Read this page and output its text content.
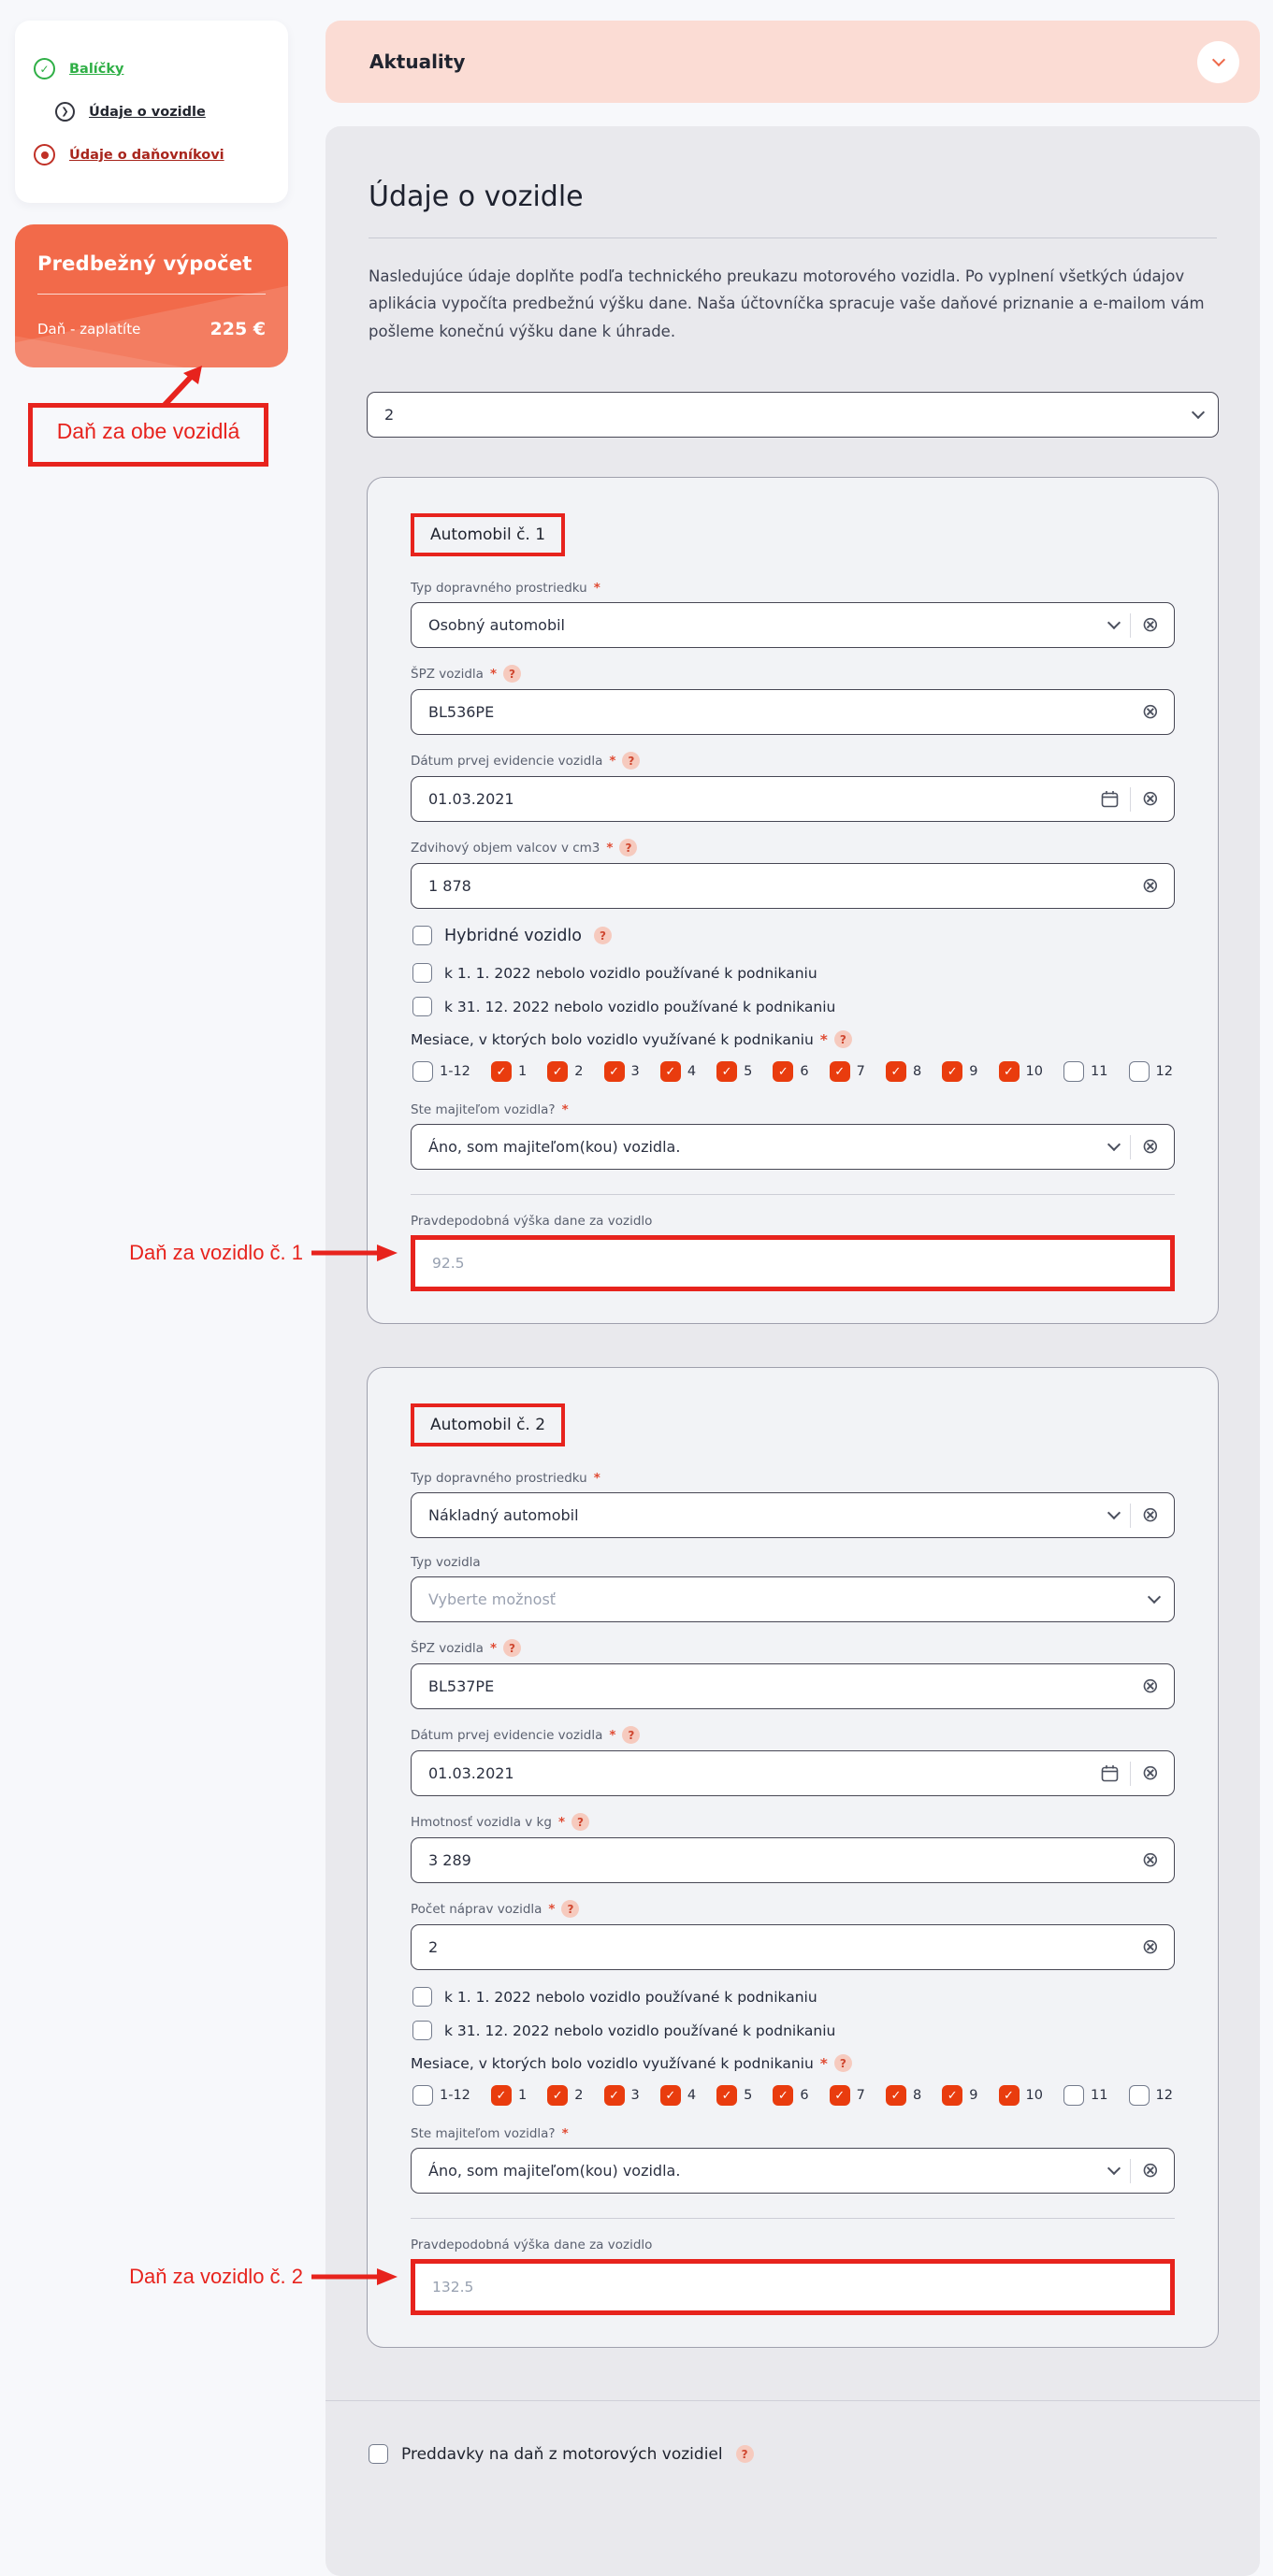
✓	Balíčky
❯	Údaje o vozidle
Údaje o daňovníkovi
Predbežný výpočet
Daň - zaplatíte	225 €
Daň za obe vozidlá
Aktuality
Údaje o vozidle

Nasledujúce údaje doplňte podľa technického preukazu motorového vozidla. Po vyplnení všetkých údajov aplikácia vypočíta predbežnú výšku dane. Naša účtovníčka spracuje vaše daňové priznanie a e-mailom vám pošleme konečnú výšku dane k úhrade.

2
Automobil č. 1
Typ dopravného prostriedku *
Osobný automobil	⊗
ŠPZ vozidla *	?
BL536PE	⊗
Dátum prvej evidencie vozidla *	?
01.03.2021	⊗
Zdvihový objem valcov v cm3 *	?
1 878	⊗
Hybridné vozidlo	?
k 1. 1. 2022 nebolo vozidlo používané k podnikaniu
k 31. 12. 2022 nebolo vozidlo používané k podnikaniu
Mesiace, v ktorých bolo vozidlo využívané k podnikaniu *	?
1-12	✓ 1	✓ 2	✓ 3	✓ 4	✓ 5	✓ 6	✓ 7	✓ 8	✓ 9	✓ 10	11	12
Ste majiteľom vozidla? *
Áno, som majiteľom(kou) vozidla.	⊗
Pravdepodobná výška dane za vozidlo
92.5
Daň za vozidlo č. 1
Automobil č. 2
Typ dopravného prostriedku *
Nákladný automobil	⊗
Typ vozidla
Vyberte možnosť
ŠPZ vozidla *	?
BL537PE	⊗
Dátum prvej evidencie vozidla *	?
01.03.2021	⊗
Hmotnosť vozidla v kg *	?
3 289	⊗
Počet náprav vozidla *	?
2	⊗
k 1. 1. 2022 nebolo vozidlo používané k podnikaniu
k 31. 12. 2022 nebolo vozidlo používané k podnikaniu
Mesiace, v ktorých bolo vozidlo využívané k podnikaniu *	?
1-12	✓ 1	✓ 2	✓ 3	✓ 4	✓ 5	✓ 6	✓ 7	✓ 8	✓ 9	✓ 10	11	12
Ste majiteľom vozidla? *
Áno, som majiteľom(kou) vozidla.	⊗
Pravdepodobná výška dane za vozidlo
132.5
Daň za vozidlo č. 2
Preddavky na daň z motorových vozidiel	?
